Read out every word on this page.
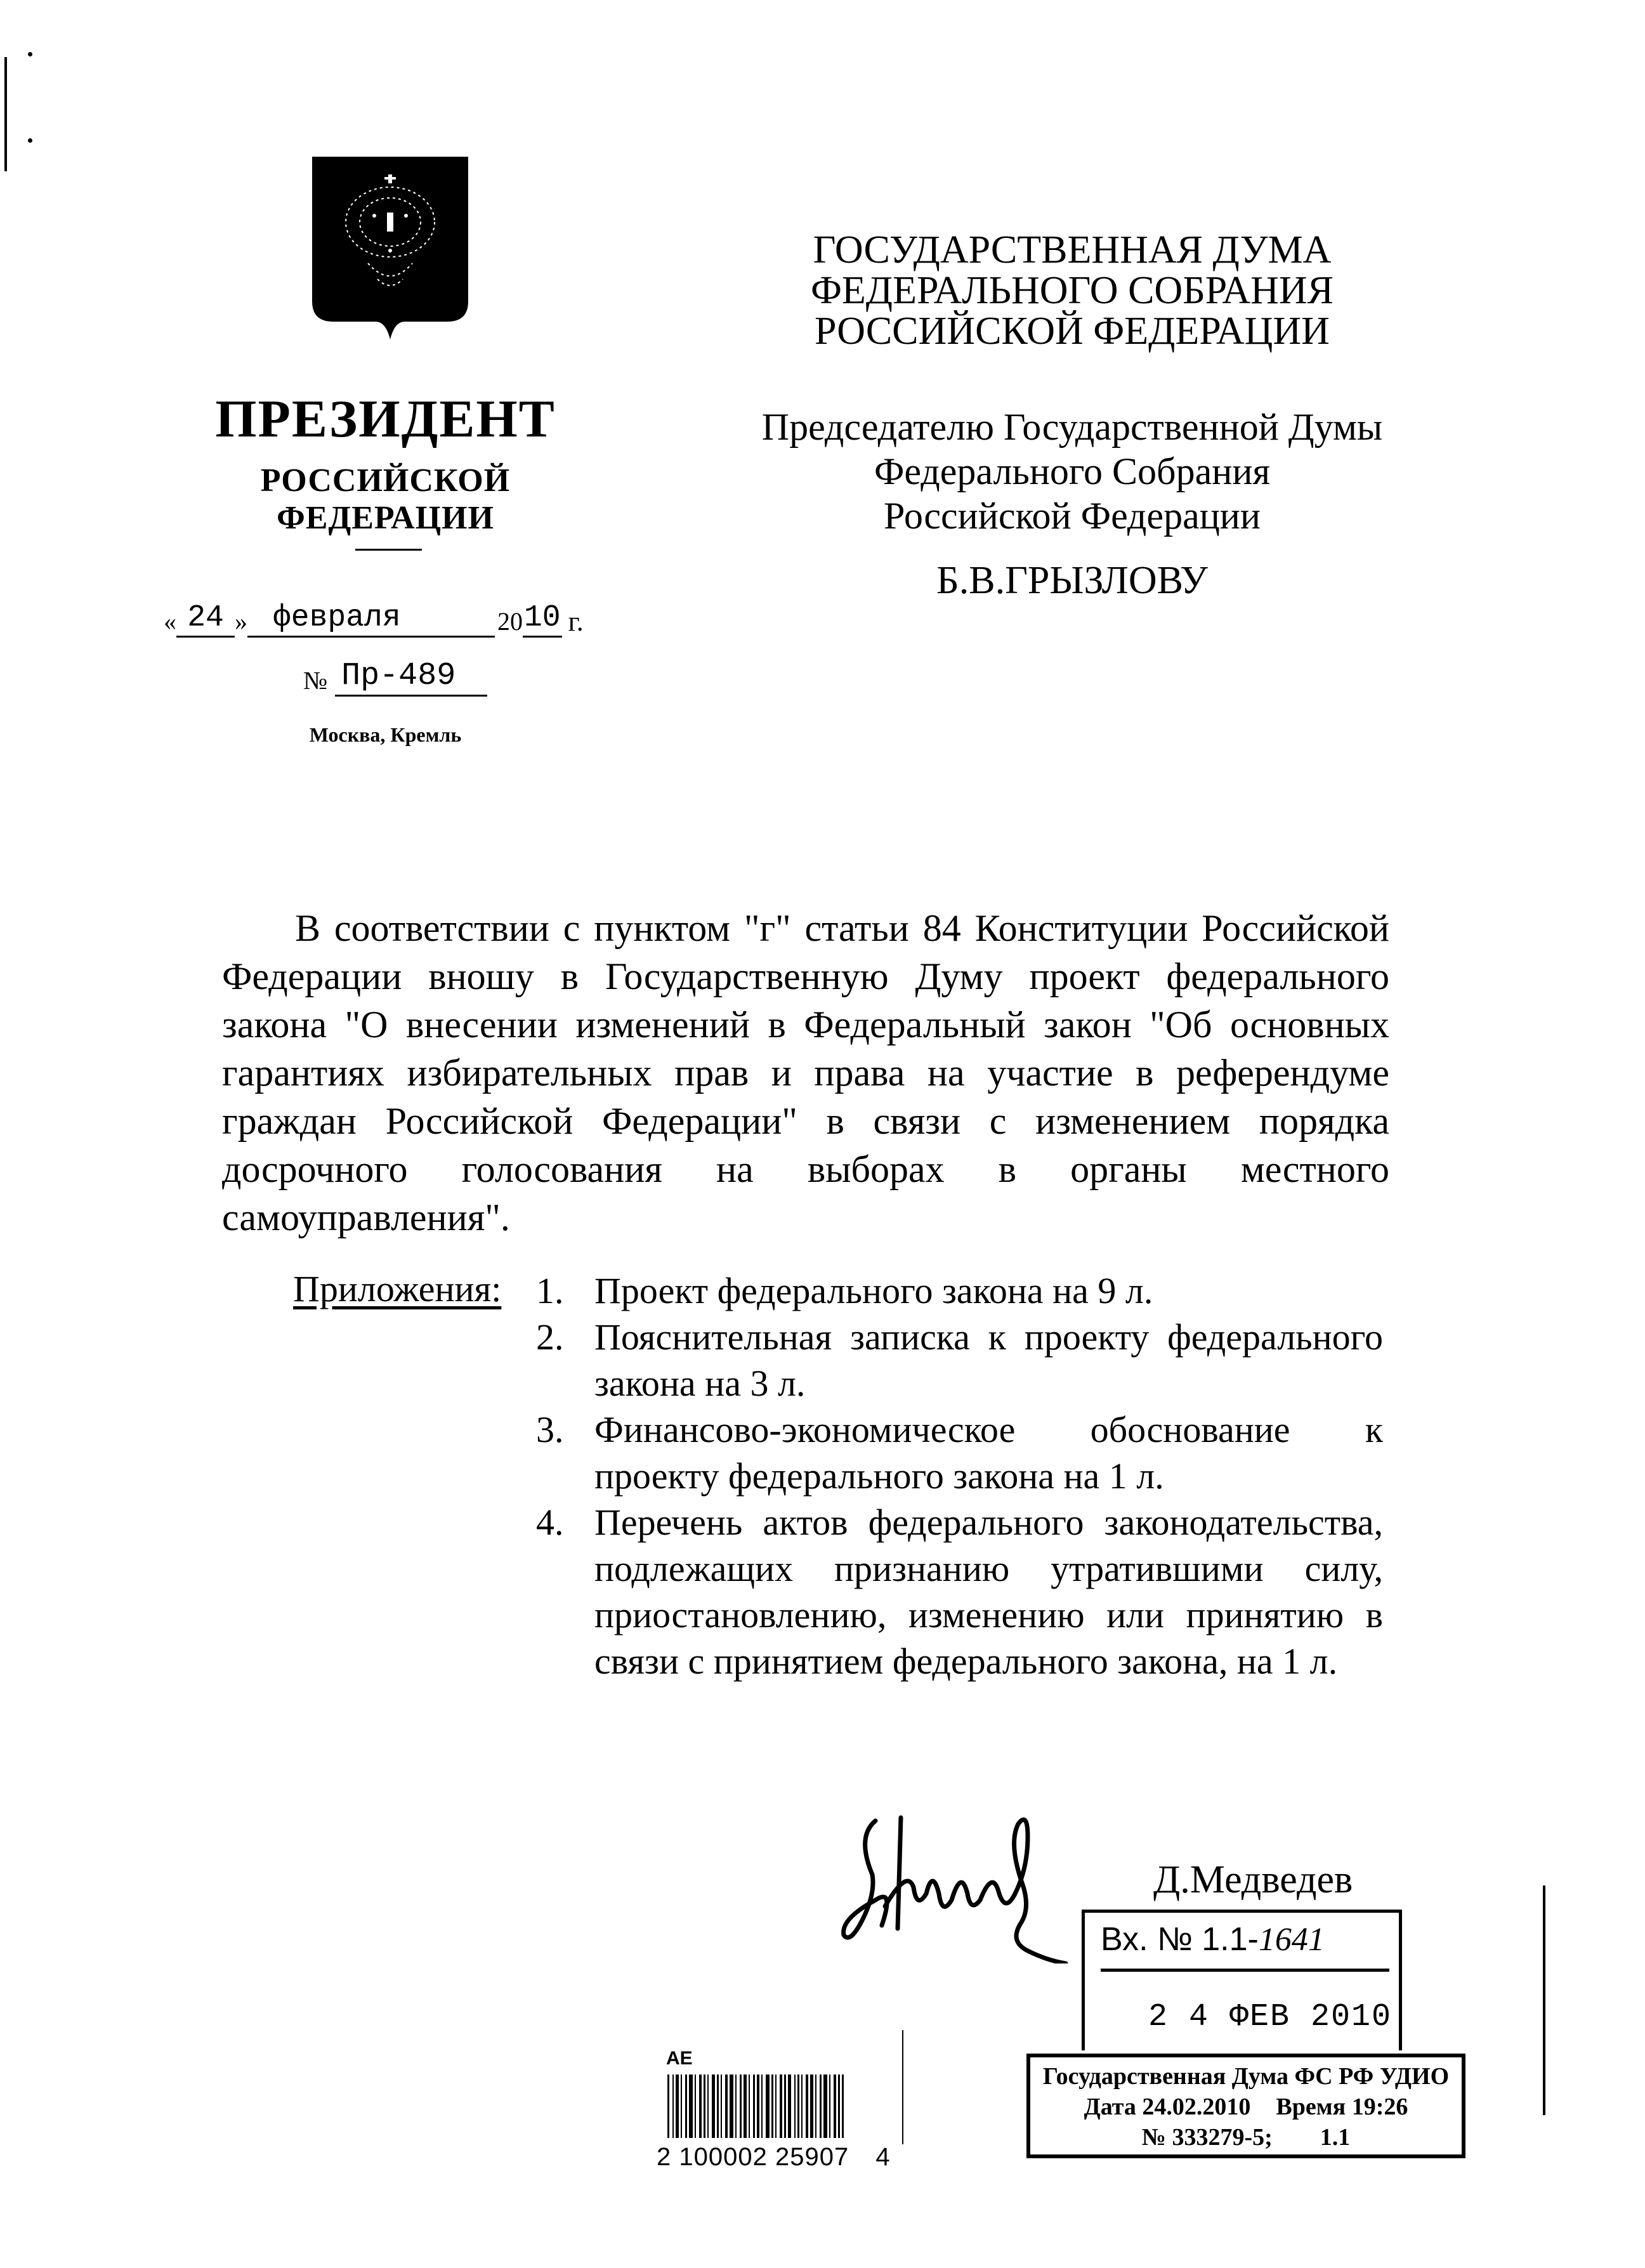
ПРЕЗИДЕНТ
РОССИЙСКОЙ ФЕДЕРАЦИИ
« 24 » февраля	20 10 г.
№ Пр-489
Москва, Кремль
ГОСУДАРСТВЕННАЯ ДУМА
ФЕДЕРАЛЬНОГО СОБРАНИЯ
РОССИЙСКОЙ ФЕДЕРАЦИИ
Председателю Государственной Думы
Федерального Собрания
Российской Федерации
Б.В.ГРЫЗЛОВУ
В соответствии с пунктом "г" статьи 84 Конституции Российской Федерации вношу в Государственную Думу проект федерального закона "О внесении изменений в Федеральный закон "Об основных гарантиях избирательных прав и права на участие в референдуме граждан Российской Федерации" в связи с изменением порядка досрочного голосования на выборах в органы местного самоуправления".
Приложения: 1. Проект федерального закона на 9 л.
2. Пояснительная записка к проекту федерального закона на 3 л.
3. Финансово-экономическое обоснование к проекту федерального закона на 1 л.
4. Перечень актов федерального законодательства, подлежащих признанию утратившими силу, приостановлению, изменению или принятию в связи с принятием федерального закона, на 1 л.
Д.Медведев
Вх. № 1.1-1641
2 4 ФЕВ 2010
Государственная Дума ФС РФ УДИО
Дата 24.02.2010 Время 19:26
№ 333279-5; 1.1
АЕ
2 100002 25907 4
